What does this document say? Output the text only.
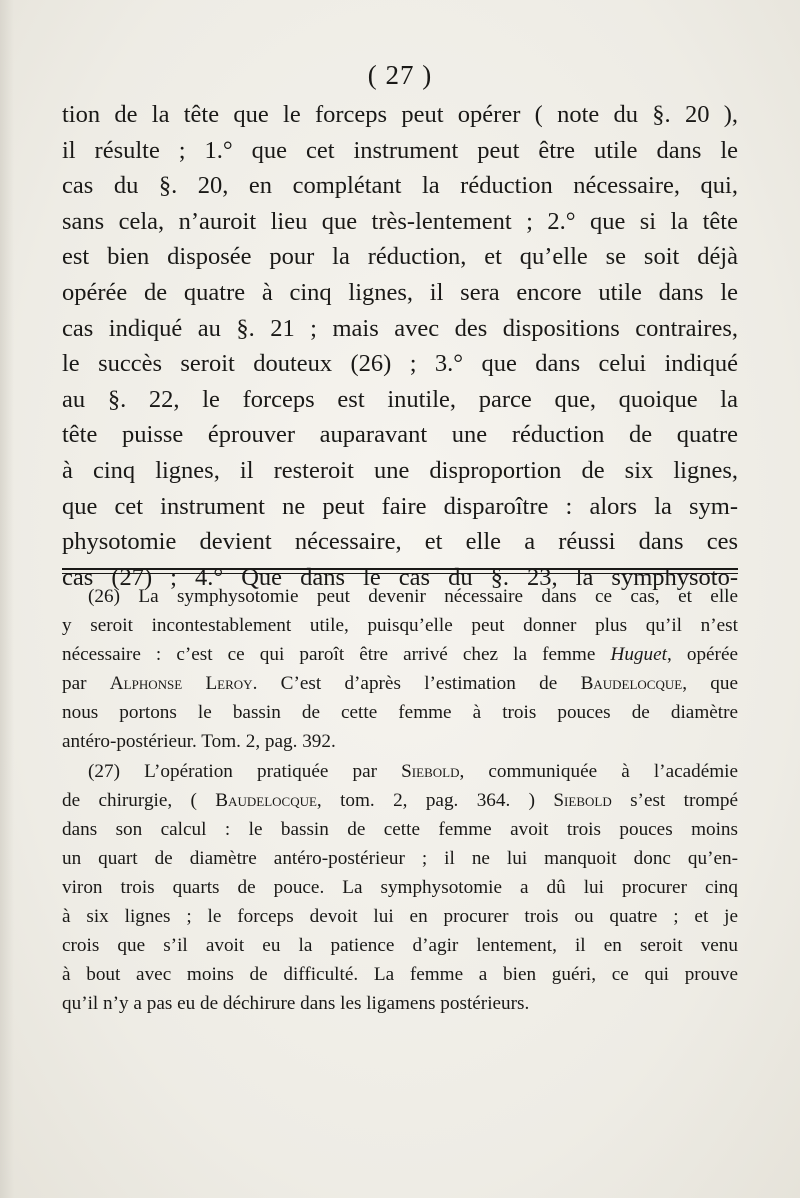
( 27 )
tion de la tête que le forceps peut opérer ( note du §. 20 ),
il résulte ; 1.° que cet instrument peut être utile dans le
cas du §. 20, en complétant la réduction nécessaire, qui,
sans cela, n’auroit lieu que très-lentement ; 2.° que si la tête
est bien disposée pour la réduction, et qu’elle se soit déjà
opérée de quatre à cinq lignes, il sera encore utile dans le
cas indiqué au §. 21 ; mais avec des dispositions contraires,
le succès seroit douteux (26) ; 3.° que dans celui indiqué
au §. 22, le forceps est inutile, parce que, quoique la
tête puisse éprouver auparavant une réduction de quatre
à cinq lignes, il resteroit une disproportion de six lignes,
que cet instrument ne peut faire disparoître : alors la sym-
physotomie devient nécessaire, et elle a réussi dans ces
cas (27) ; 4.° Que dans le cas du §. 23, la symphysoto-
(26) La symphysotomie peut devenir nécessaire dans ce cas, et elle
y seroit incontestablement utile, puisqu’elle peut donner plus qu’il n’est
nécessaire : c’est ce qui paroît être arrivé chez la femme Huguet, opérée
par Alphonse Leroy. C’est d’après l’estimation de Baudelocque, que
nous portons le bassin de cette femme à trois pouces de diamètre
antéro-postérieur. Tom. 2, pag. 392.
(27) L’opération pratiquée par Siebold, communiquée à l’académie
de chirurgie, ( Baudelocque, tom. 2, pag. 364. ) Siebold s’est trompé
dans son calcul : le bassin de cette femme avoit trois pouces moins
un quart de diamètre antéro-postérieur ; il ne lui manquoit donc qu’en-
viron trois quarts de pouce. La symphysotomie a dû lui procurer cinq
à six lignes ; le forceps devoit lui en procurer trois ou quatre ; et je
crois que s’il avoit eu la patience d’agir lentement, il en seroit venu
à bout avec moins de difficulté. La femme a bien guéri, ce qui prouve
qu’il n’y a pas eu de déchirure dans les ligamens postérieurs.
